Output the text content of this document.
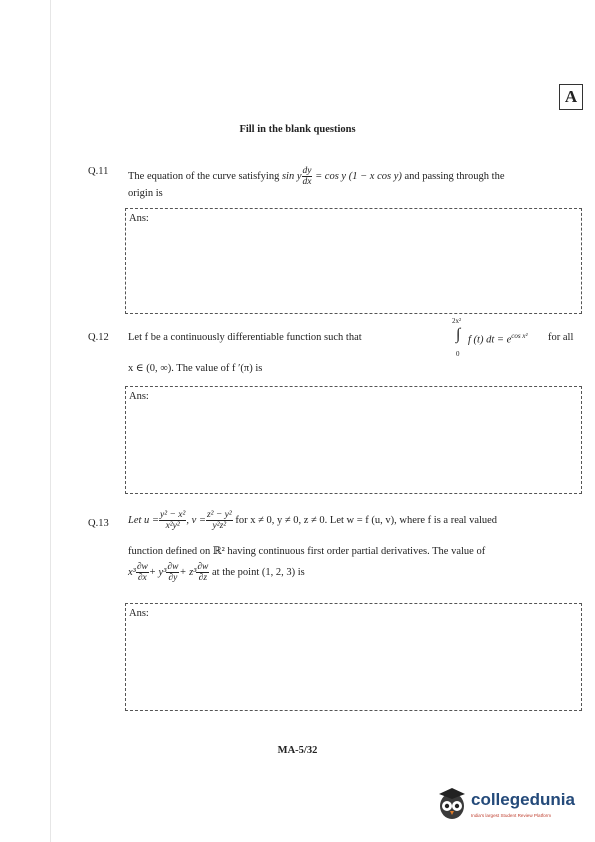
A
Fill in the blank questions
Q.11 The equation of the curve satisfying sin y $\frac{dy}{dx} = \cos y$ (1 − x cos y) and passing through the
origin is
Ans:
Q.12 Let f be a continuously differentiable function such that
2x²
∫
0
f (t) dt = $e^{cos x^2}$ for all
x ∈ (0, ∞). The value of f ′(π) is
Ans:
Q.13 Let $u = \frac{\text{y² − x²}}{\text{x²y²}}$ , $v = \frac{\text{z² − y²}}{\text{y²z²}}$ for x ≠ 0, y ≠ 0, z ≠ 0. Let w = f (u, v), where f is a real valued
function defined on ℝ² having continuous first order partial derivatives. The value of
$x^3 \frac{\partial w}{\partial x} + y^3 \frac{\partial w}{\partial y} + z^3 \frac{\partial w}{\partial z}$ at the point (1, 2, 3) is
Ans:
MA-5/32
collegedunia
India's largest Student Review Platform
